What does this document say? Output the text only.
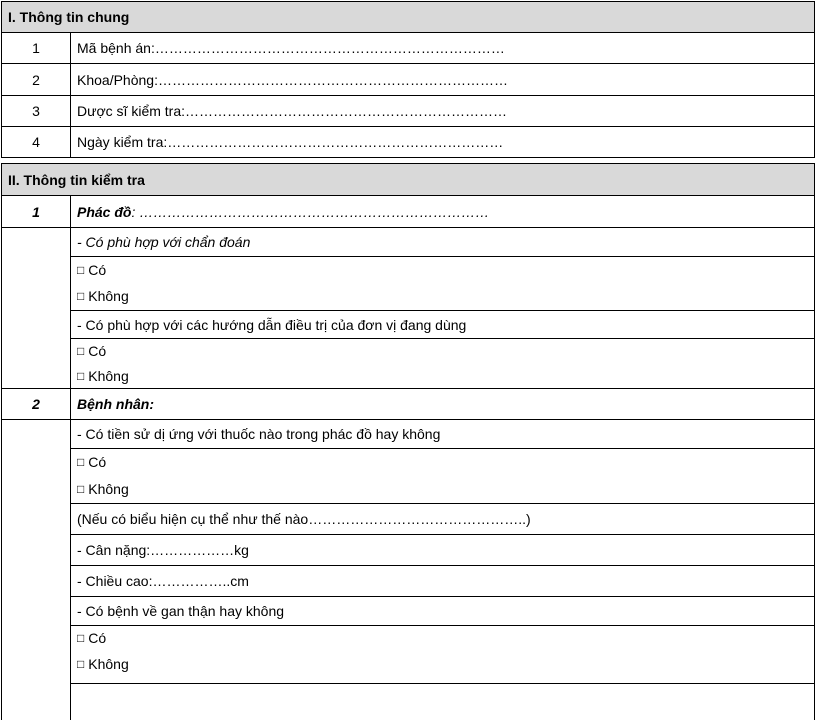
I. Thông tin chung
1	Mã bệnh án:…………………………………………………………………
2	Khoa/Phòng:…………………………………………………………………
3	Dược sĩ kiểm tra:……………………………………………………………
4	Ngày kiểm tra:………………………………………………………………
II. Thông tin kiểm tra
1	Phác đồ : …………………………………………………………………
- Có phù hợp với chẩn đoán
□ Có
□ Không
- Có phù hợp với các hướng dẫn điều trị của đơn vị đang dùng
□ Có
□ Không
2	Bệnh nhân:
- Có tiền sử dị ứng với thuốc nào trong phác đồ hay không
□ Có
□ Không
(Nếu có biểu hiện cụ thể như thế nào………………………………………..)
- Cân nặng:………………kg
- Chiều cao:……………..cm
- Có bệnh về gan thận hay không
□ Có
□ Không
